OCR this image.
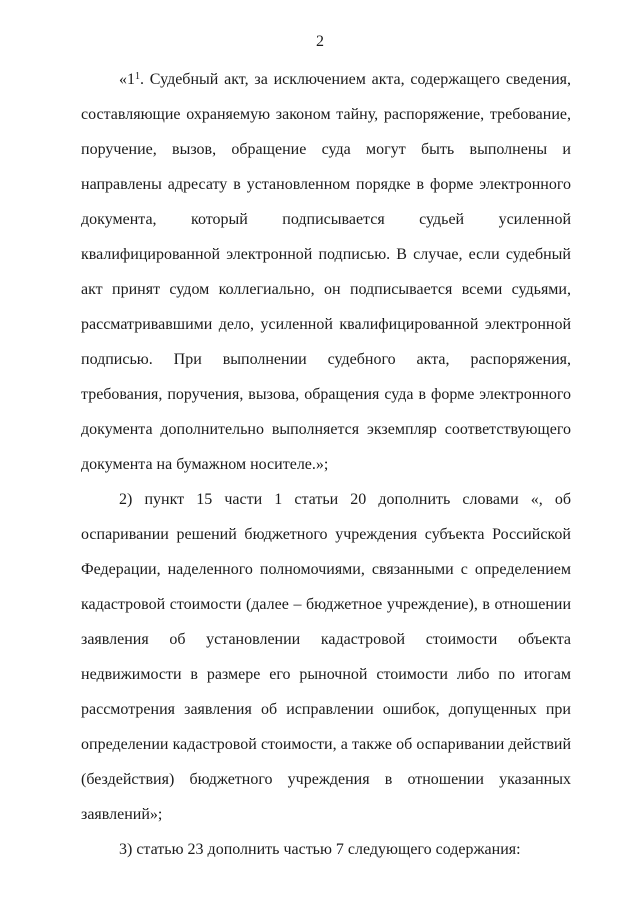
2

«$1^1$. Судебный акт, за исключением акта, содержащего сведения, составляющие охраняемую законом тайну, распоряжение, требование, поручение, вызов, обращение суда могут быть выполнены и направлены адресату в установленном порядке в форме электронного документа, который подписывается судьей усиленной квалифицированной электронной подписью. В случае, если судебный акт принят судом коллегиально, он подписывается всеми судьями, рассматривавшими дело, усиленной квалифицированной электронной подписью. При выполнении судебного акта, распоряжения, требования, поручения, вызова, обращения суда в форме электронного документа дополнительно выполняется экземпляр соответствующего документа на бумажном носителе.»;

2) пункт 15 части 1 статьи 20 дополнить словами «, об оспаривании решений бюджетного учреждения субъекта Российской Федерации, наделенного полномочиями, связанными с определением кадастровой стоимости (далее – бюджетное учреждение), в отношении заявления об установлении кадастровой стоимости объекта недвижимости в размере его рыночной стоимости либо по итогам рассмотрения заявления об исправлении ошибок, допущенных при определении кадастровой стоимости, а также об оспаривании действий (бездействия) бюджетного учреждения в отношении указанных заявлений»;

3) статью 23 дополнить частью 7 следующего содержания:
